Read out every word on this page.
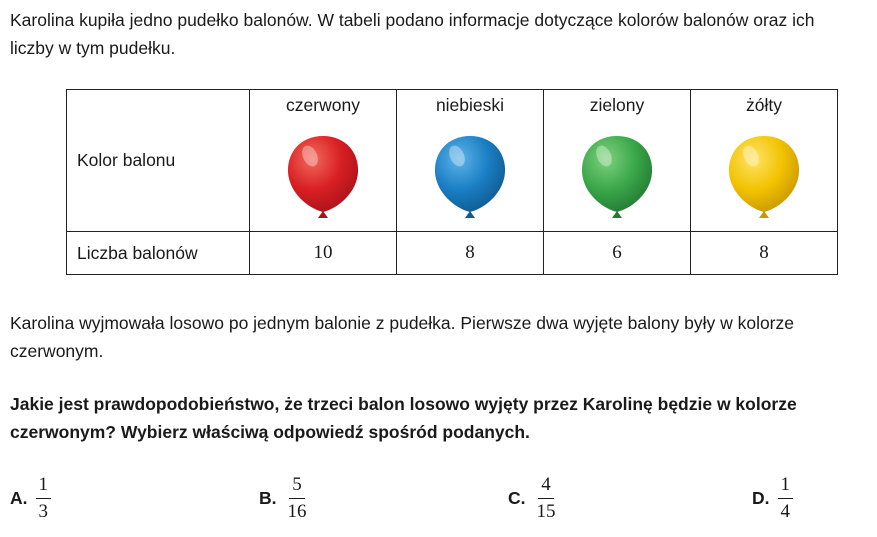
Karolina kupiła jedno pudełko balonów. W tabeli podano informacje dotyczące kolorów balonów oraz ich liczby w tym pudełku.

Kolor balonu	czerwony	niebieski	zielony	żółty

Liczba balonów	10	8	6	8

Karolina wyjmowała losowo po jednym balonie z pudełka. Pierwsze dwa wyjęte balony były w kolorze czerwonym.

Jakie jest prawdopodobieństwo, że trzeci balon losowo wyjęty przez Karolinę będzie w kolorze czerwonym? Wybierz właściwą odpowiedź spośród podanych.

A. $\frac{1}{3}$	B. $\frac{5}{16}$	C. $\frac{4}{15}$	D. $\frac{1}{4}$
